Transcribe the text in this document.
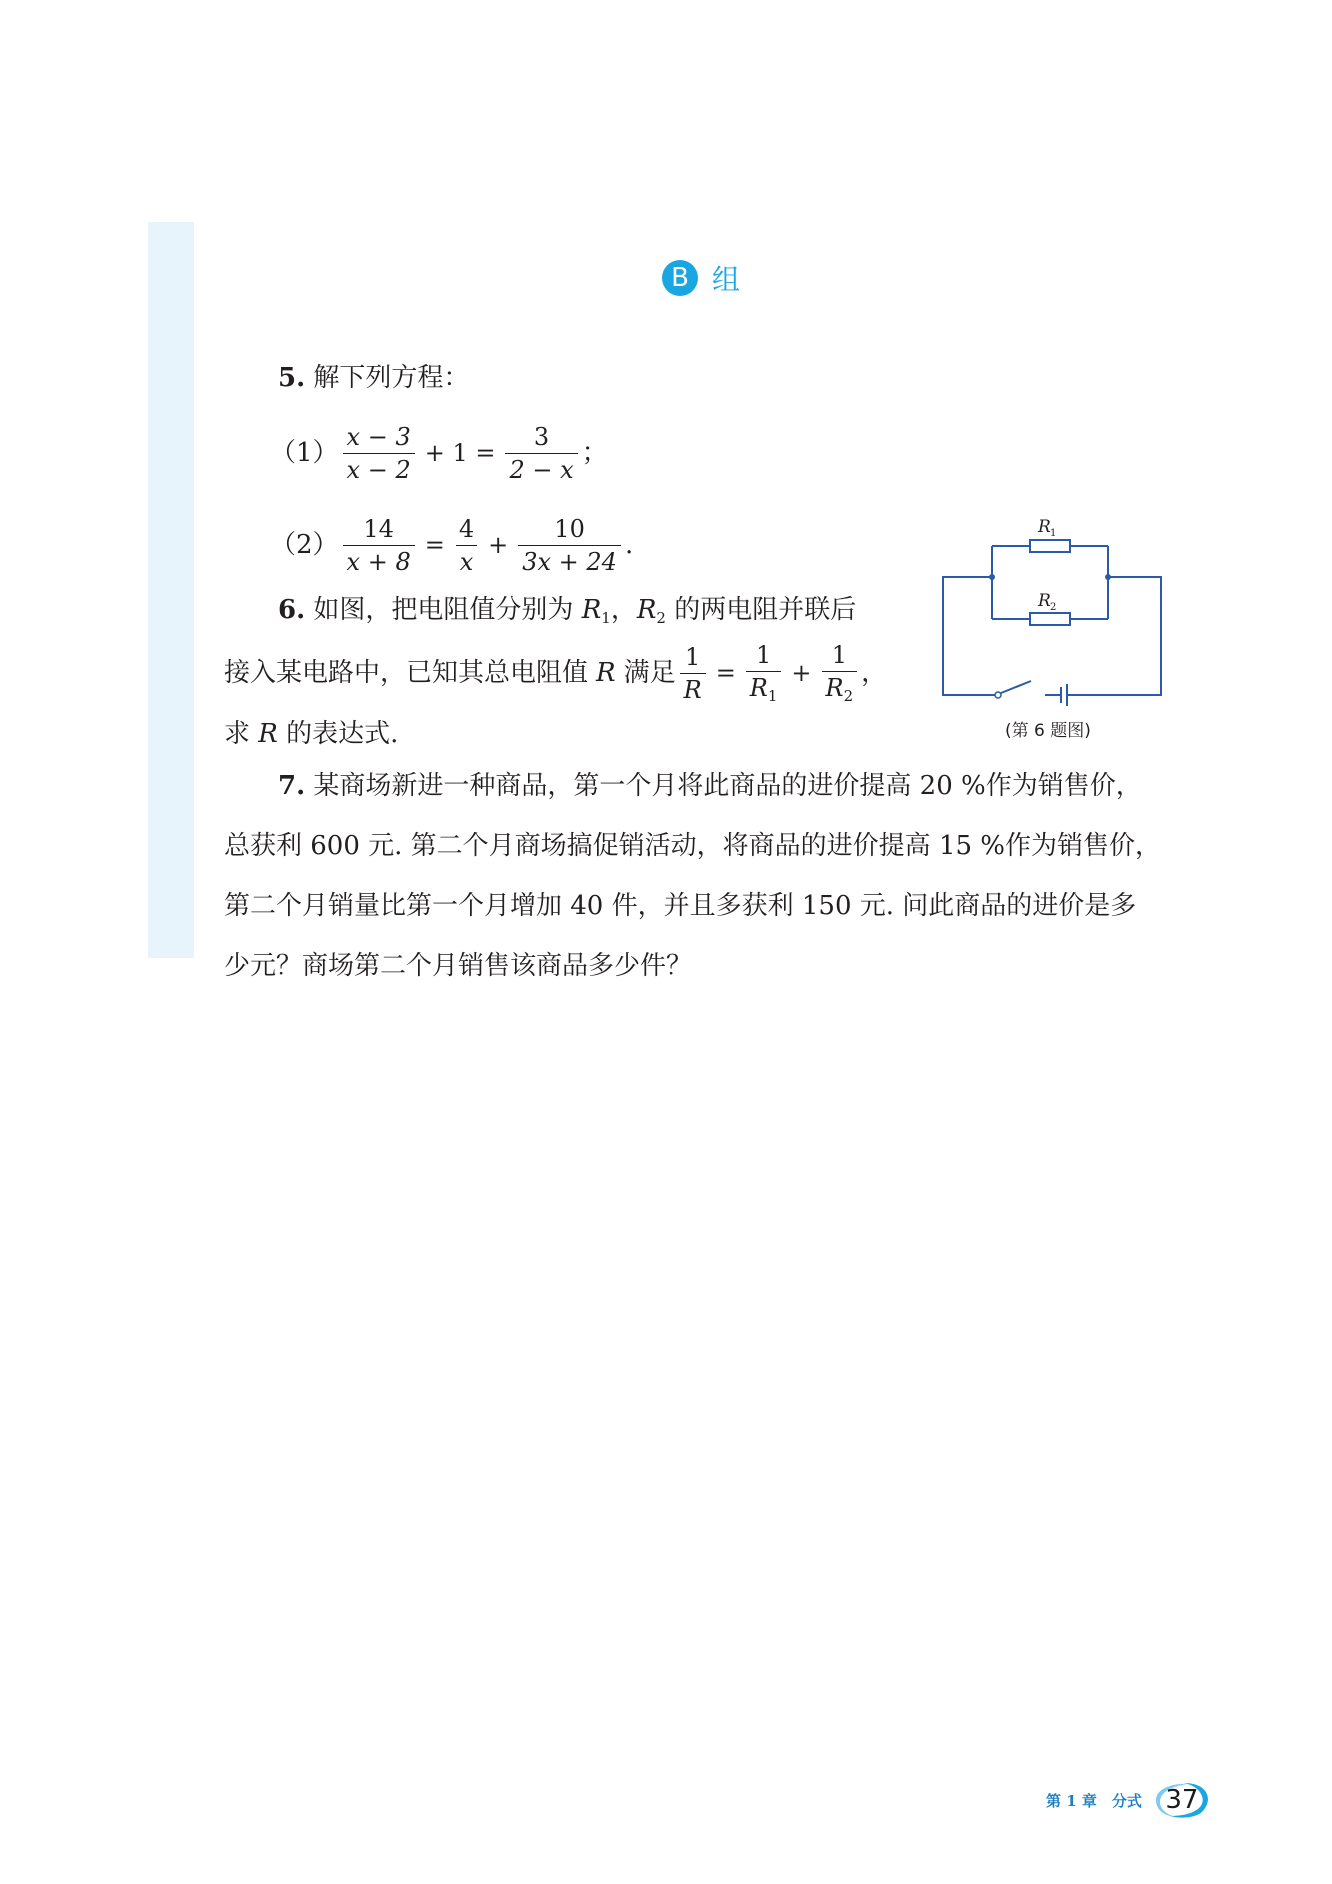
B 组
5. 解下列方程：
$(1) \frac{x - 3}{x - 2} + 1 = \frac{3}{2 - x}$ ；
$(2) \frac{14}{x + 8} = \frac{4}{x} + \frac{10}{3x + 24}$ .
6. 如图，把电阻值分别为 $R_1$，$R_2$ 的两电阻并联后
接入某电路中，已知其总电阻值 R 满足 $\frac{1}{R} = \frac{1}{R_1} + \frac{1}{R_2}$ ，
求 R 的表达式.
R 1
R 2
(第 6 题图)
7. 某商场新进一种商品，第一个月将此商品的进价提高 20 %作为销售价，
总获利 600 元. 第二个月商场搞促销活动，将商品的进价提高 15 %作为销售价，
第二个月销量比第一个月增加 40 件，并且多获利 150 元. 问此商品的进价是多
少元？商场第二个月销售该商品多少件？
第 1 章　分式 37
